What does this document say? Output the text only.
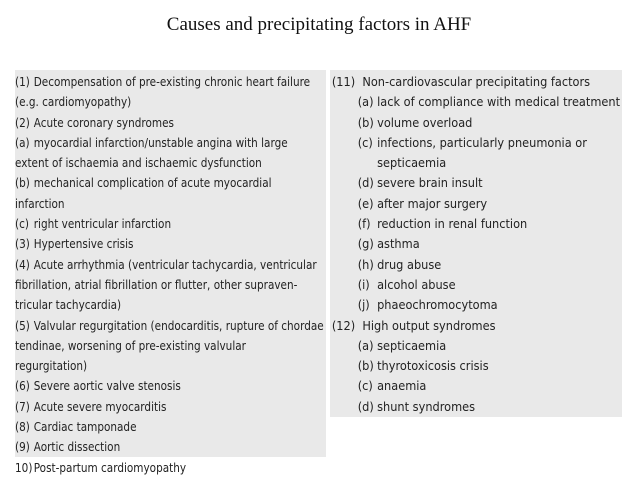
Causes and precipitating factors in AHF
(1) Decompensation of pre-existing chronic heart failure
(e.g. cardiomyopathy)
(2) Acute coronary syndromes
(a) myocardial infarction/unstable angina with large
extent of ischaemia and ischaemic dysfunction
(b) mechanical complication of acute myocardial
infarction
(c) right ventricular infarction
(3) Hypertensive crisis
(4) Acute arrhythmia (ventricular tachycardia, ventricular
fibrillation, atrial fibrillation or flutter, other supraven-
tricular tachycardia)
(5) Valvular regurgitation (endocarditis, rupture of chordae
tendinae, worsening of pre-existing valvular
regurgitation)
(6) Severe aortic valve stenosis
(7) Acute severe myocarditis
(8) Cardiac tamponade
(9) Aortic dissection
10)Post-partum cardiomyopathy
(11) Non-cardiovascular precipitating factors
(a) lack of compliance with medical treatment
(b) volume overload
(c) infections, particularly pneumonia or
septicaemia
(d) severe brain insult
(e) after major surgery
(f) reduction in renal function
(g) asthma
(h) drug abuse
(i) alcohol abuse
(j) phaeochromocytoma
(12) High output syndromes
(a) septicaemia
(b) thyrotoxicosis crisis
(c) anaemia
(d) shunt syndromes
